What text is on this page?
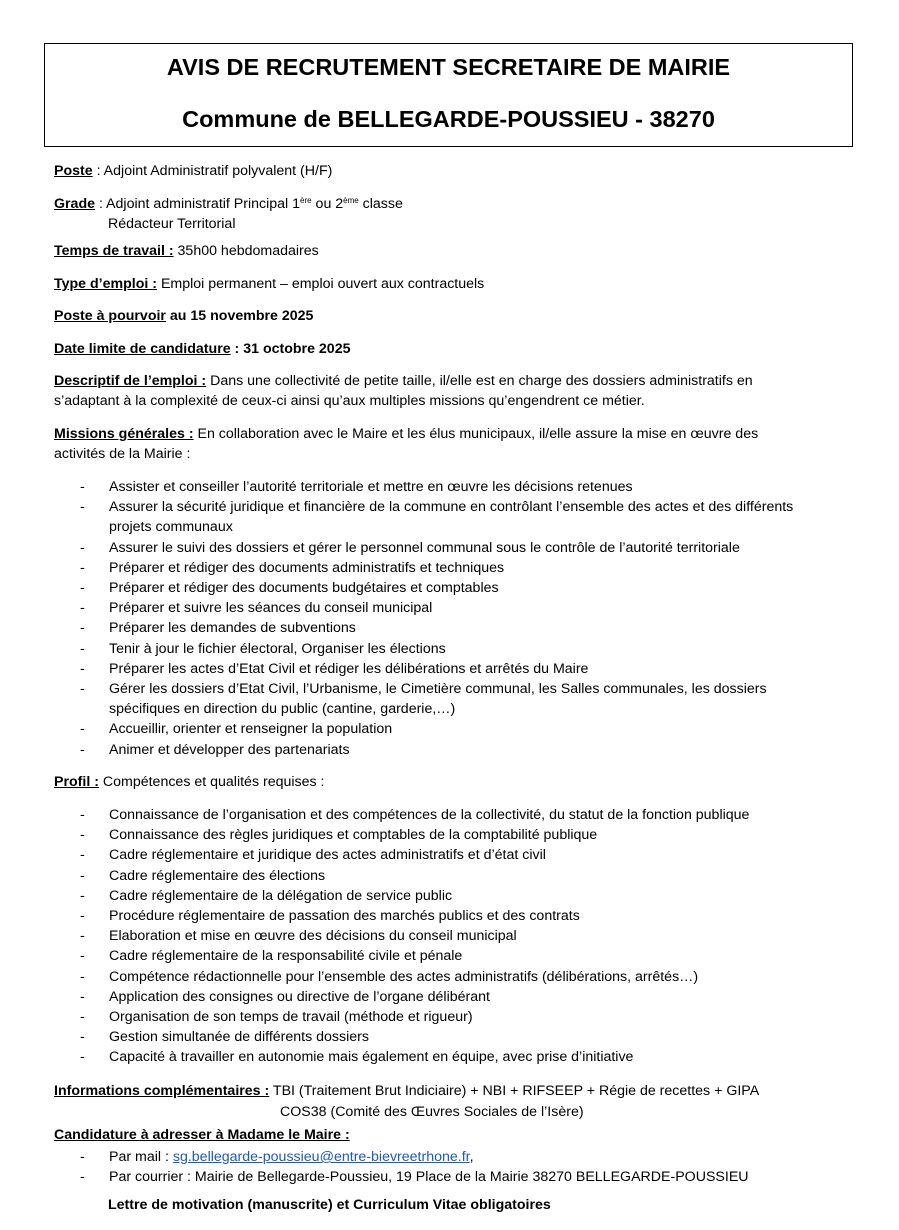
AVIS DE RECRUTEMENT SECRETAIRE DE MAIRIE
Commune de BELLEGARDE-POUSSIEU - 38270
Poste : Adjoint Administratif polyvalent (H/F)
Grade : Adjoint administratif Principal 1ère ou 2ème classe
Rédacteur Territorial
Temps de travail : 35h00 hebdomadaires
Type d’emploi : Emploi permanent – emploi ouvert aux contractuels
Poste à pourvoir au 15 novembre 2025
Date limite de candidature : 31 octobre 2025
Descriptif de l’emploi : Dans une collectivité de petite taille, il/elle est en charge des dossiers administratifs en s’adaptant à la complexité de ceux-ci ainsi qu’aux multiples missions qu’engendrent ce métier.
Missions générales : En collaboration avec le Maire et les élus municipaux, il/elle assure la mise en œuvre des activités de la Mairie :
- Assister et conseiller l’autorité territoriale et mettre en œuvre les décisions retenues
- Assurer la sécurité juridique et financière de la commune en contrôlant l’ensemble des actes et des différents projets communaux
- Assurer le suivi des dossiers et gérer le personnel communal sous le contrôle de l’autorité territoriale
- Préparer et rédiger des documents administratifs et techniques
- Préparer et rédiger des documents budgétaires et comptables
- Préparer et suivre les séances du conseil municipal
- Préparer les demandes de subventions
- Tenir à jour le fichier électoral, Organiser les élections
- Préparer les actes d’Etat Civil et rédiger les délibérations et arrêtés du Maire
- Gérer les dossiers d’Etat Civil, l’Urbanisme, le Cimetière communal, les Salles communales, les dossiers spécifiques en direction du public (cantine, garderie,…)
- Accueillir, orienter et renseigner la population
- Animer et développer des partenariats
Profil : Compétences et qualités requises :
- Connaissance de l’organisation et des compétences de la collectivité, du statut de la fonction publique
- Connaissance des règles juridiques et comptables de la comptabilité publique
- Cadre réglementaire et juridique des actes administratifs et d’état civil
- Cadre réglementaire des élections
- Cadre réglementaire de la délégation de service public
- Procédure réglementaire de passation des marchés publics et des contrats
- Elaboration et mise en œuvre des décisions du conseil municipal
- Cadre réglementaire de la responsabilité civile et pénale
- Compétence rédactionnelle pour l’ensemble des actes administratifs (délibérations, arrêtés…)
- Application des consignes ou directive de l’organe délibérant
- Organisation de son temps de travail (méthode et rigueur)
- Gestion simultanée de différents dossiers
- Capacité à travailler en autonomie mais également en équipe, avec prise d’initiative
Informations complémentaires : TBI (Traitement Brut Indiciaire) + NBI + RIFSEEP + Régie de recettes + GIPA
COS38 (Comité des Œuvres Sociales de l’Isère)
Candidature à adresser à Madame le Maire :
- Par mail : sg.bellegarde-poussieu@entre-bievreetrhone.fr,
- Par courrier : Mairie de Bellegarde-Poussieu, 19 Place de la Mairie 38270 BELLEGARDE-POUSSIEU
Lettre de motivation (manuscrite) et Curriculum Vitae obligatoires
